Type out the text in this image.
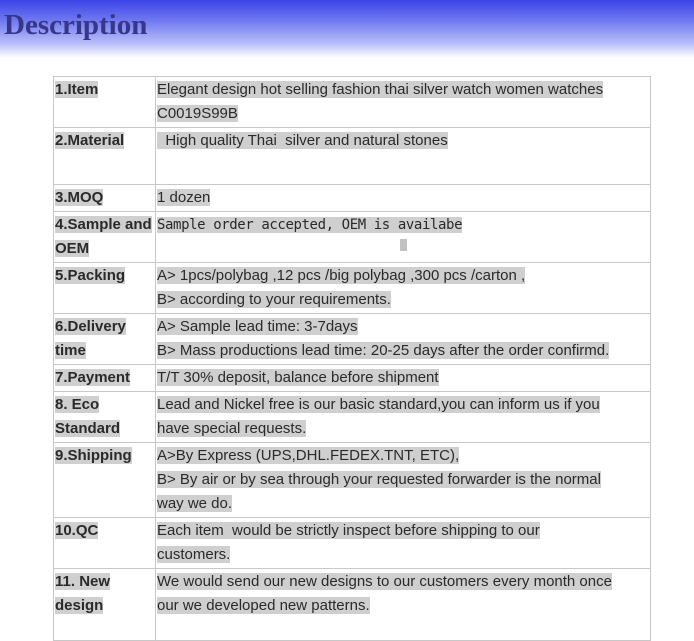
Description
1.Item	Elegant design hot selling fashion thai silver watch women watches
C0019S99B

2.Material	High quality Thai  silver and natural stones

3.MOQ	1 dozen

4.Sample and OEM	Sample order accepted, OEM is availabe

5.Packing	A> 1pcs/polybag ,12 pcs /big polybag ,300 pcs /carton ,
B> according to your requirements.

6.Delivery time	A> Sample lead time: 3-7days
B> Mass productions lead time: 20-25 days after the order confirmd.

7.Payment	T/T 30% deposit, balance before shipment

8. Eco Standard	Lead and Nickel free is our basic standard,you can inform us if you
have special requests.

9.Shipping	A>By Express (UPS,DHL.FEDEX.TNT, ETC),
B> By air or by sea through your requested forwarder is the normal
way we do.

10.QC	Each item  would be strictly inspect before shipping to our
customers.

11. New design	We would send our new designs to our customers every month once
our we developed new patterns.
